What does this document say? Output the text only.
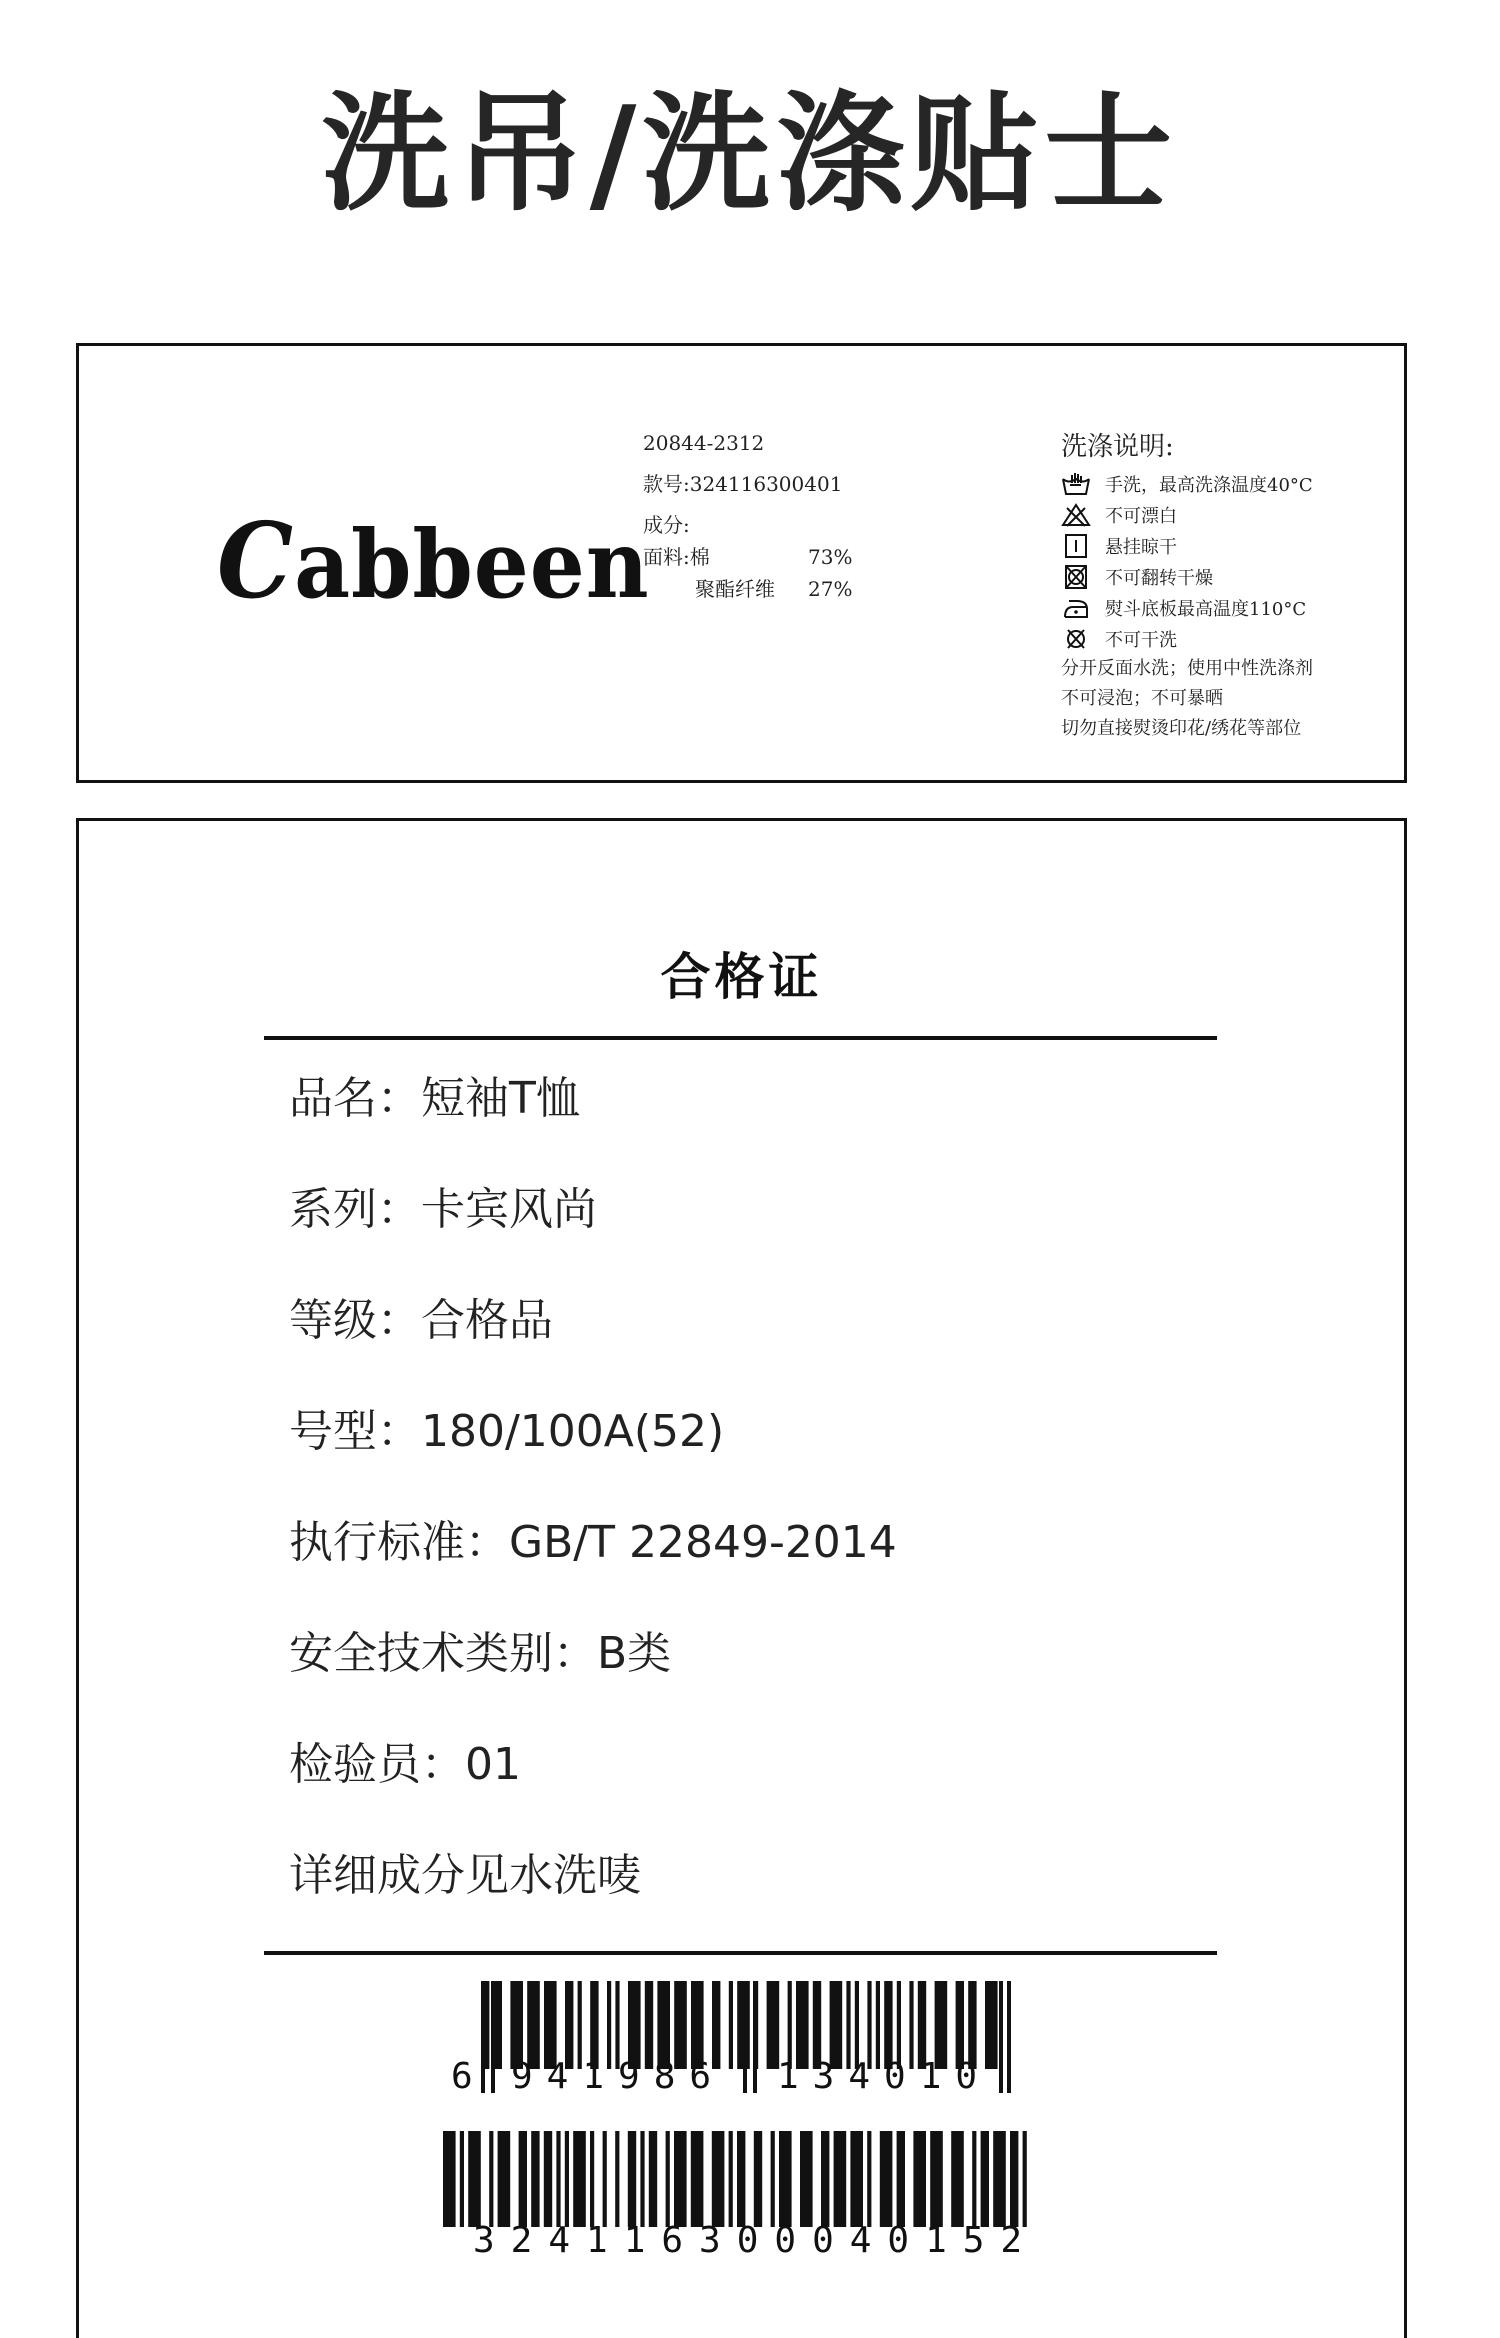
洗吊/洗涤贴士
Cabbeen
20844-2312
款号:324116300401
成分:
面料:棉	73%
聚酯纤维 27%
洗涤说明:
手洗，最高洗涤温度40°C
不可漂白
悬挂晾干
不可翻转干燥
熨斗底板最高温度110°C
不可干洗
分开反面水洗；使用中性洗涤剂
不可浸泡；不可暴晒
切勿直接熨烫印花/绣花等部位
合格证
品名：短袖T恤
系列：卡宾风尚
等级：合格品
号型：180/100A(52)
执行标准：GB/T 22849-2014
安全技术类别：B类
检验员：01
详细成分见水洗唛
6	941986 134010
324116300040152
